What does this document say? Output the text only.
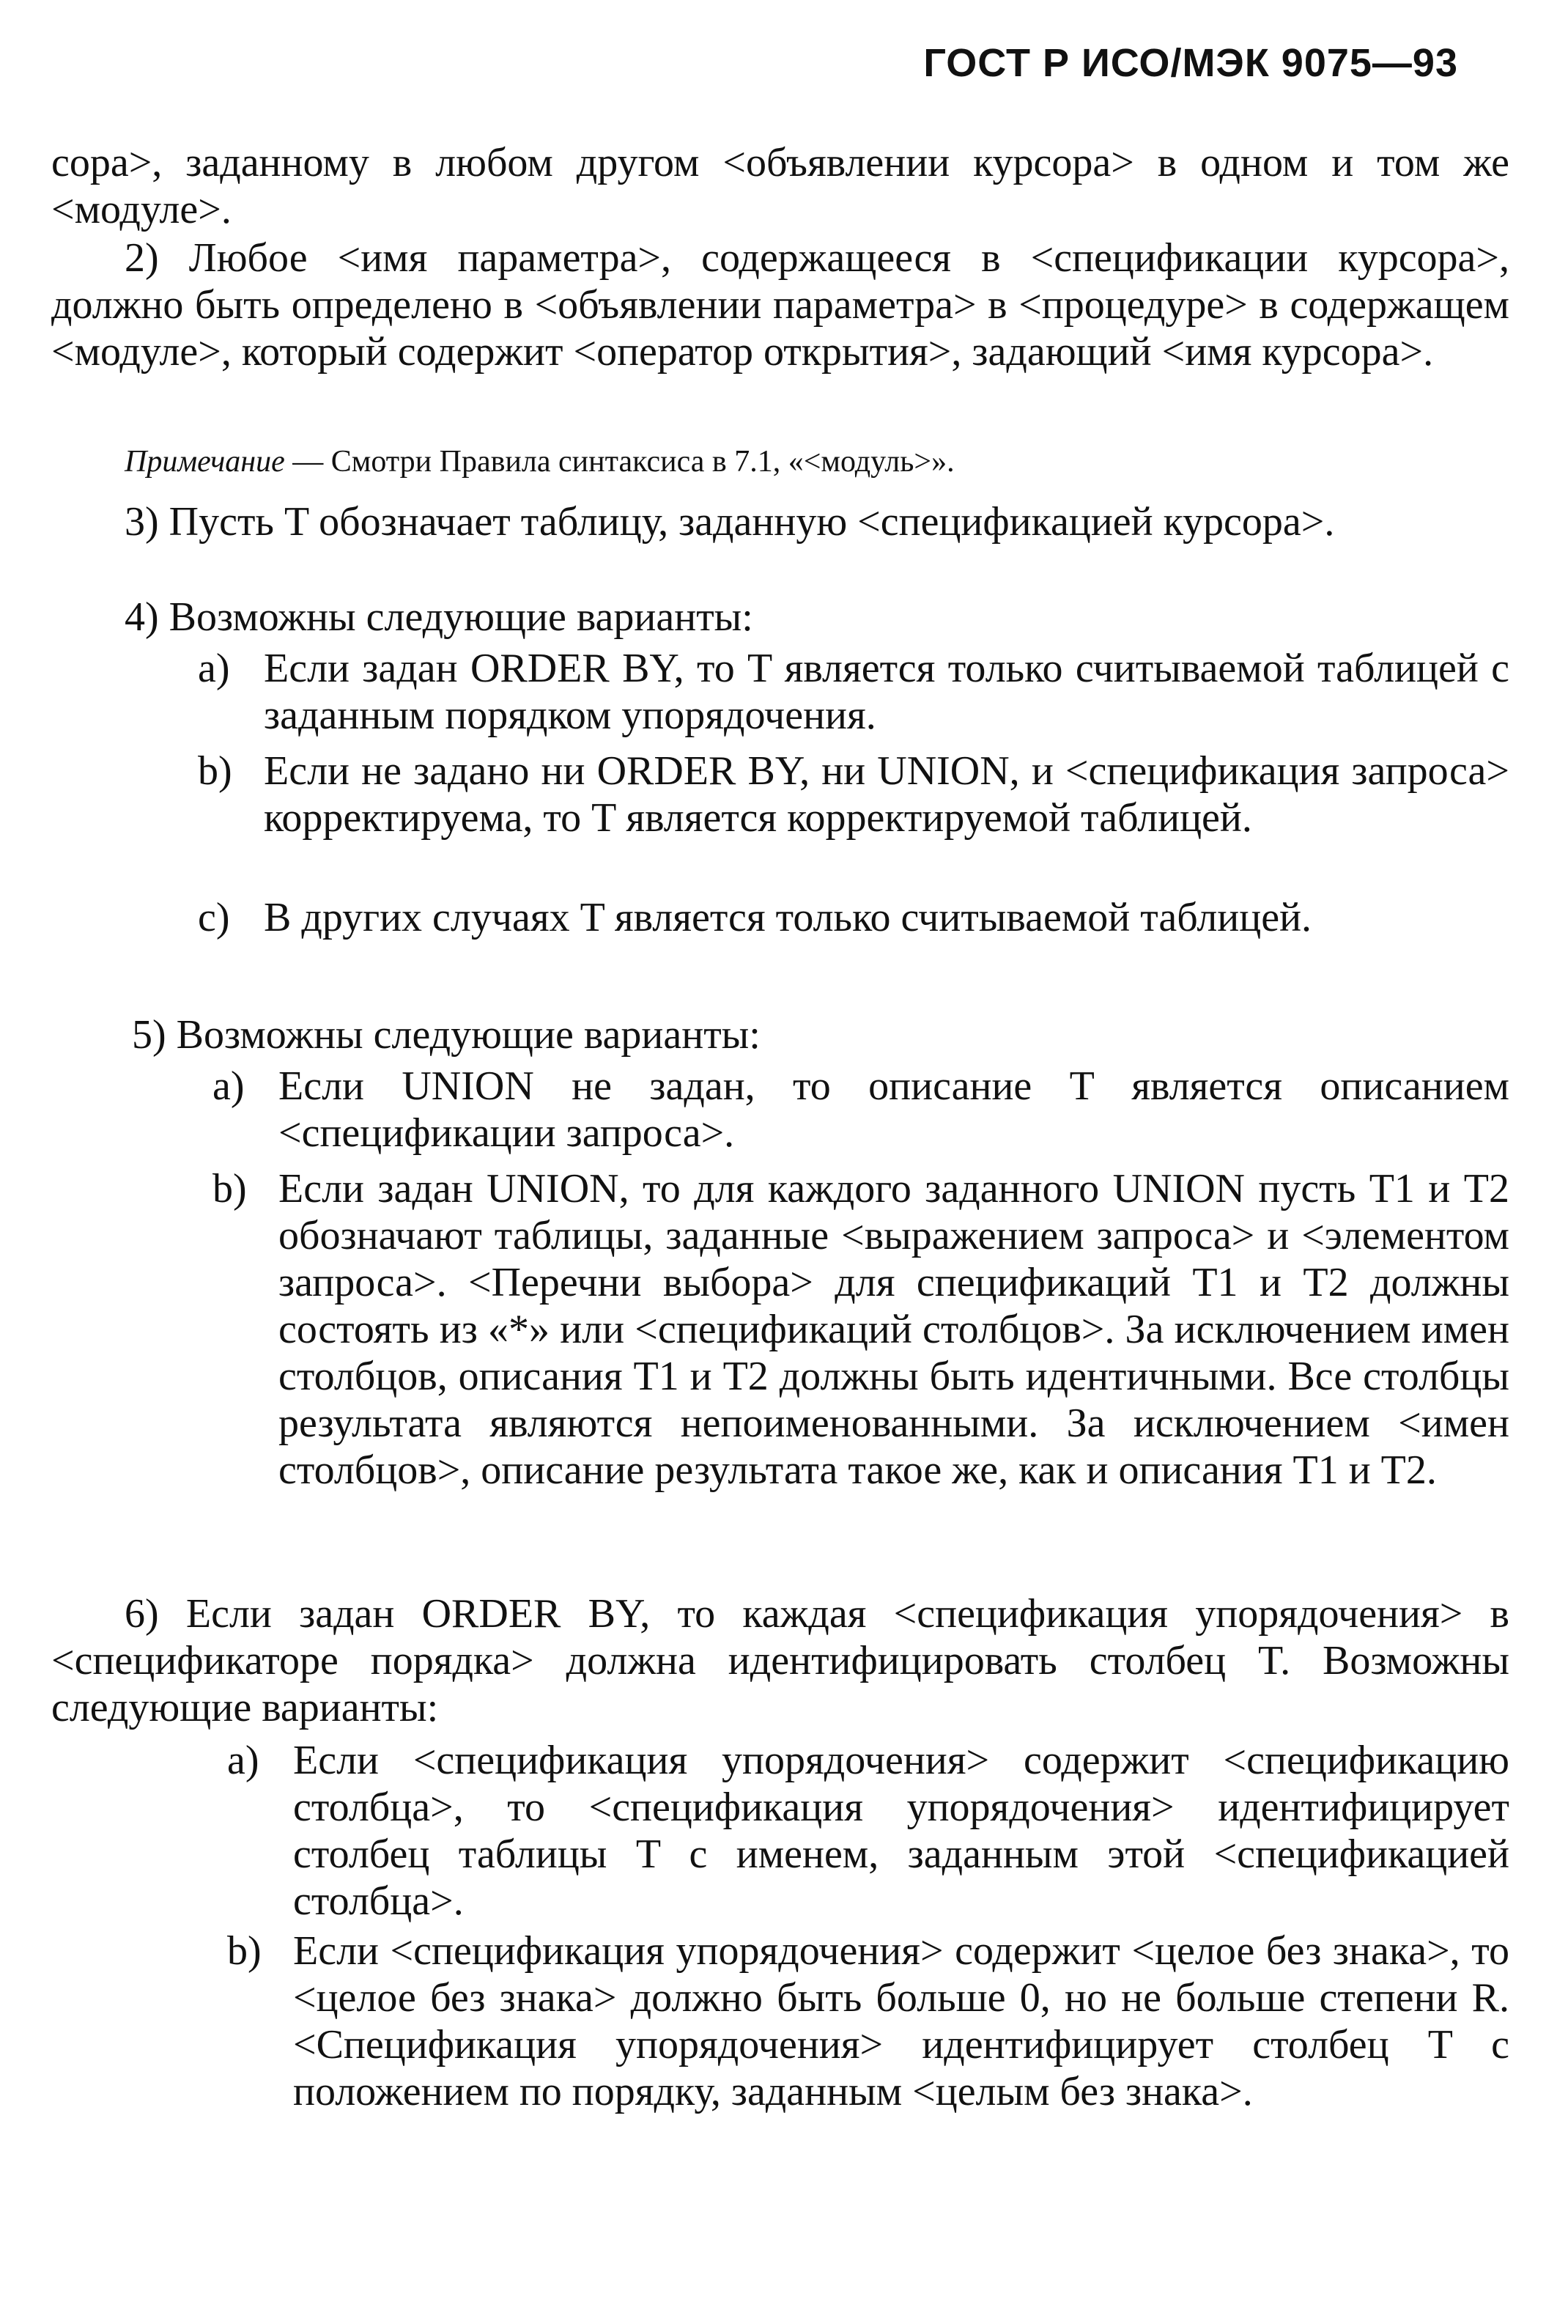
ГОСТ Р ИСО/МЭК 9075—93
сора>, заданному в любом другом <объявлении курсора> в одном и том же <модуле>.
2) Любое <имя параметра>, содержащееся в <спецификации курсора>, должно быть определено в <объявлении параметра> в <процедуре> в содержащем <модуле>, который содержит <оператор открытия>, задающий <имя курсора>.
Примечание — Смотри Правила синтаксиса в 7.1, «<модуль>».
3) Пусть T обозначает таблицу, заданную <спецификацией курсора>.
4) Возможны следующие варианты:
a) Если задан ORDER BY, то T является только считываемой таблицей с заданным порядком упорядочения.
b) Если не задано ни ORDER BY, ни UNION, и <спецификация запроса> корректируема, то T является корректируемой таблицей.
c) В других случаях T является только считываемой таблицей.
5) Возможны следующие варианты:
a) Если UNION не задан, то описание T является описанием <спецификации запроса>.
b) Если задан UNION, то для каждого заданного UNION пусть T1 и T2 обозначают таблицы, заданные <выражением запроса> и <элементом запроса>. <Перечни выбора> для спецификаций T1 и T2 должны состоять из «*» или <спецификаций столбцов>. За исключением имен столбцов, описания T1 и T2 должны быть идентичными. Все столбцы результата являются непоименованными. За исключением <имен столбцов>, описание результата такое же, как и описания T1 и T2.
6) Если задан ORDER BY, то каждая <спецификация упорядочения> в <спецификаторе порядка> должна идентифицировать столбец T. Возможны следующие варианты:
a) Если <спецификация упорядочения> содержит <спецификацию столбца>, то <спецификация упорядочения> идентифицирует столбец таблицы T с именем, заданным этой <спецификацией столбца>.
b) Если <спецификация упорядочения> содержит <целое без знака>, то <целое без знака> должно быть больше 0, но не больше степени R. <Спецификация упорядочения> идентифицирует столбец T с положением по порядку, заданным <целым без знака>.
